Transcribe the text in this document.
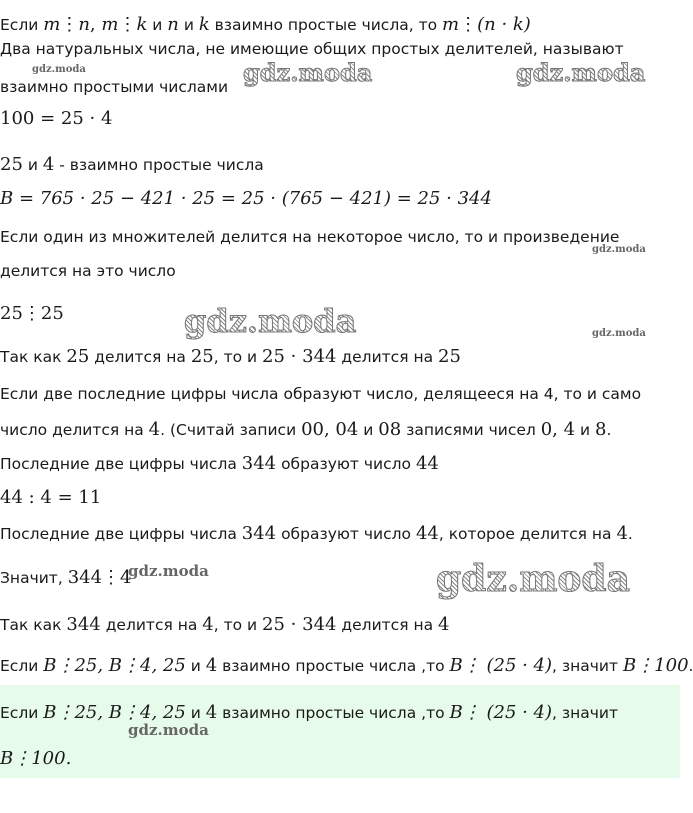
Если m⋮n, m⋮k и n и k взаимно простые числа, то m⋮(n · k)
Два натуральных числа, не имеющие общих простых делителей, называют
взаимно простыми числами
100 = 25 · 4
25 и 4 - взаимно простые числа
B = 765 · 25 − 421 · 25 = 25 · (765 − 421) = 25 · 344
Если один из множителей делится на некоторое число, то и произведение
делится на это число
25⋮25
Так как 25 делится на 25, то и 25 · 344 делится на 25
Если две последние цифры числа образуют число, делящееся на 4, то и само
число делится на 4. (Считай записи 00, 04 и 08 записями чисел 0, 4 и 8.
Последние две цифры числа 344 образуют число 44
44 : 4 = 11
Последние две цифры числа 344 образуют число 44, которое делится на 4.
Значит, 344⋮4
Так как 344 делится на 4, то и 25 · 344 делится на 4
Если B⋮25, B⋮4, 25 и 4 взаимно простые числа ,то B⋮ (25 · 4), значит B⋮100.
Если B⋮25, B⋮4, 25 и 4 взаимно простые числа ,то B⋮ (25 · 4), значит
B⋮100.
gdz.moda	gdz.moda	gdz.moda
gdz.moda
gdz.moda	gdz.moda
gdz.moda	gdz.moda
gdz.moda
